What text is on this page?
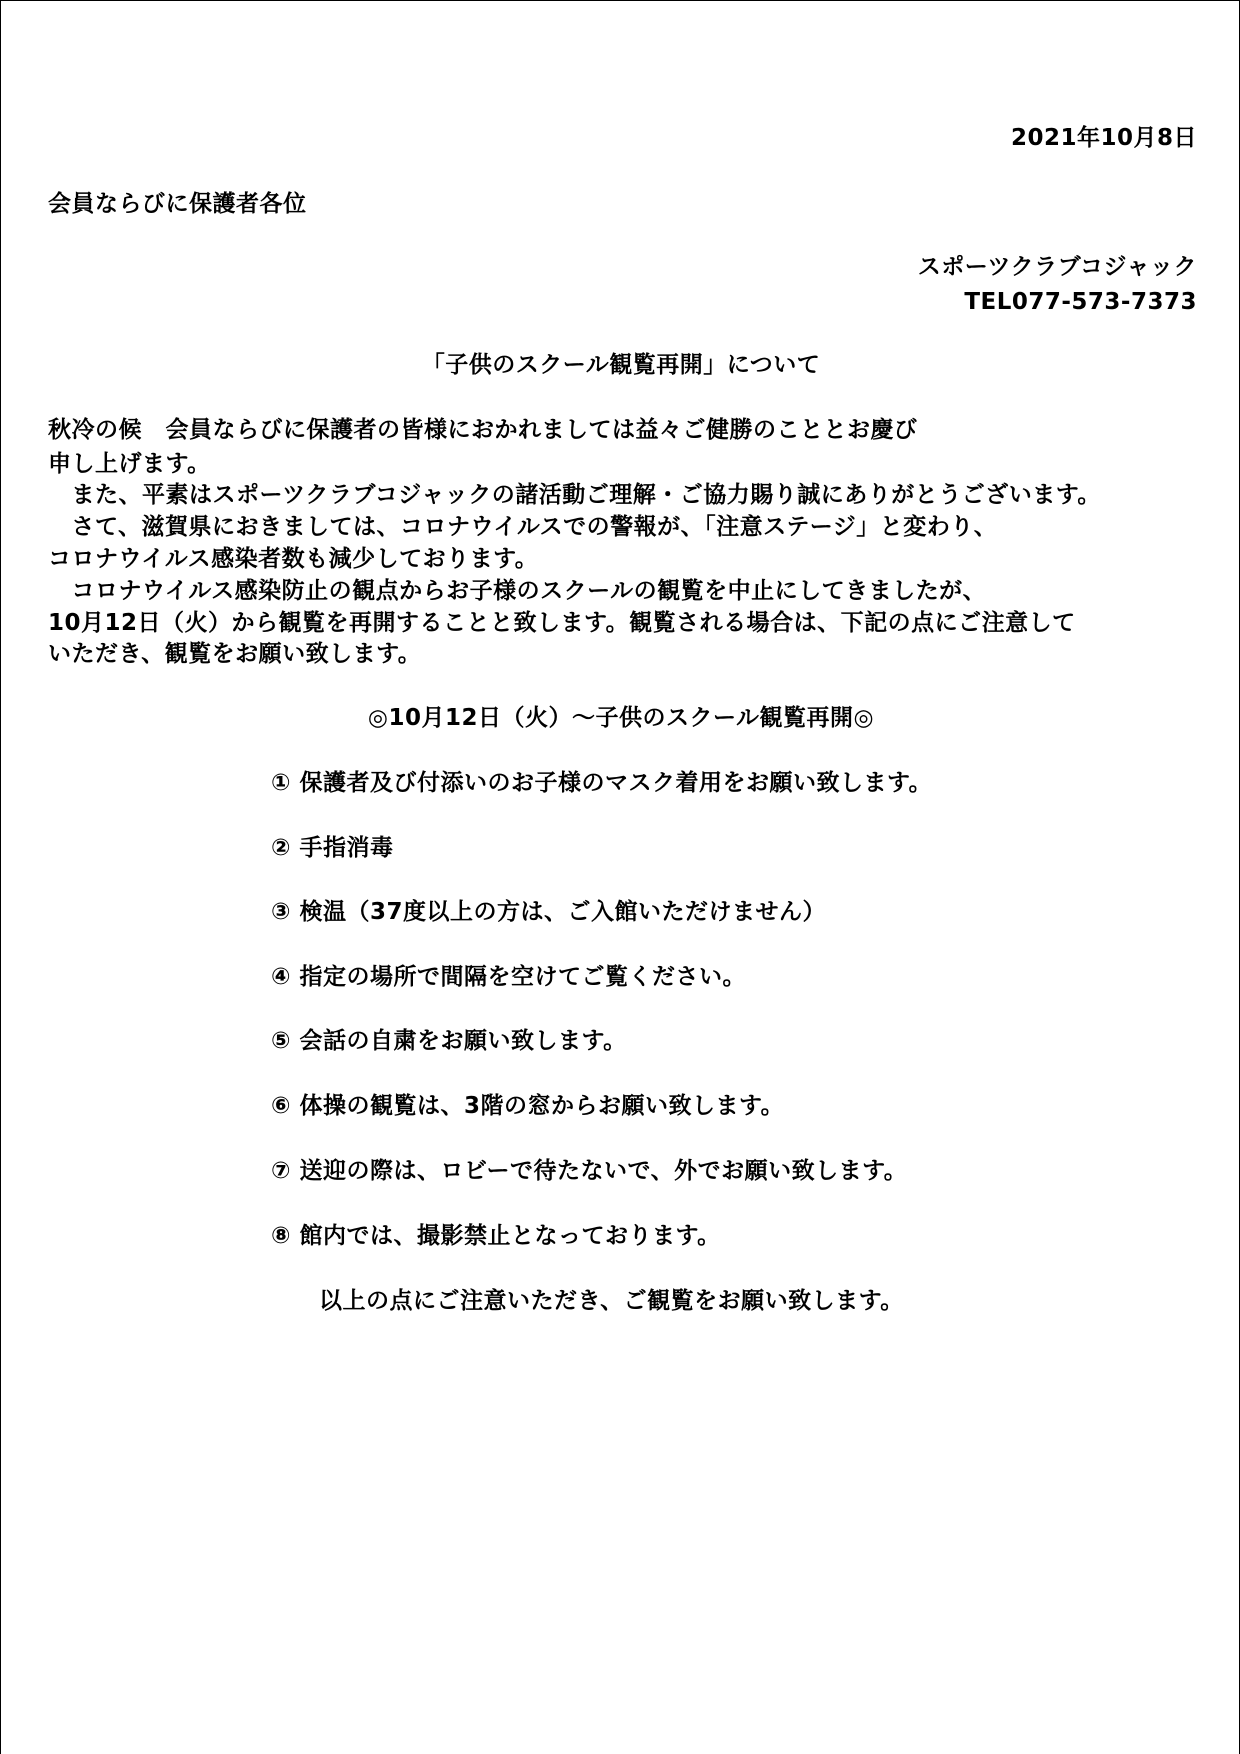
2021年10月8日
会員ならびに保護者各位
スポーツクラブコジャック
TEL077-573-7373
「子供のスクール観覧再開」について
秋冷の候　会員ならびに保護者の皆様におかれましては益々ご健勝のこととお慶び
申し上げます。
　また、平素はスポーツクラブコジャックの諸活動ご理解・ご協力賜り誠にありがとうございます。
　さて、滋賀県におきましては、コロナウイルスでの警報が、「注意ステージ」と変わり、
コロナウイルス感染者数も減少しております。
　コロナウイルス感染防止の観点からお子様のスクールの観覧を中止にしてきましたが、
10月12日（火）から観覧を再開することと致します。観覧される場合は、下記の点にご注意して
いただき、観覧をお願い致します。
◎10月12日（火）～子供のスクール観覧再開◎
① 保護者及び付添いのお子様のマスク着用をお願い致します。
② 手指消毒
③ 検温（37度以上の方は、ご入館いただけません）
④ 指定の場所で間隔を空けてご覧ください。
⑤ 会話の自粛をお願い致します。
⑥ 体操の観覧は、3階の窓からお願い致します。
⑦ 送迎の際は、ロビーで待たないで、外でお願い致します。
⑧ 館内では、撮影禁止となっております。
以上の点にご注意いただき、ご観覧をお願い致します。
